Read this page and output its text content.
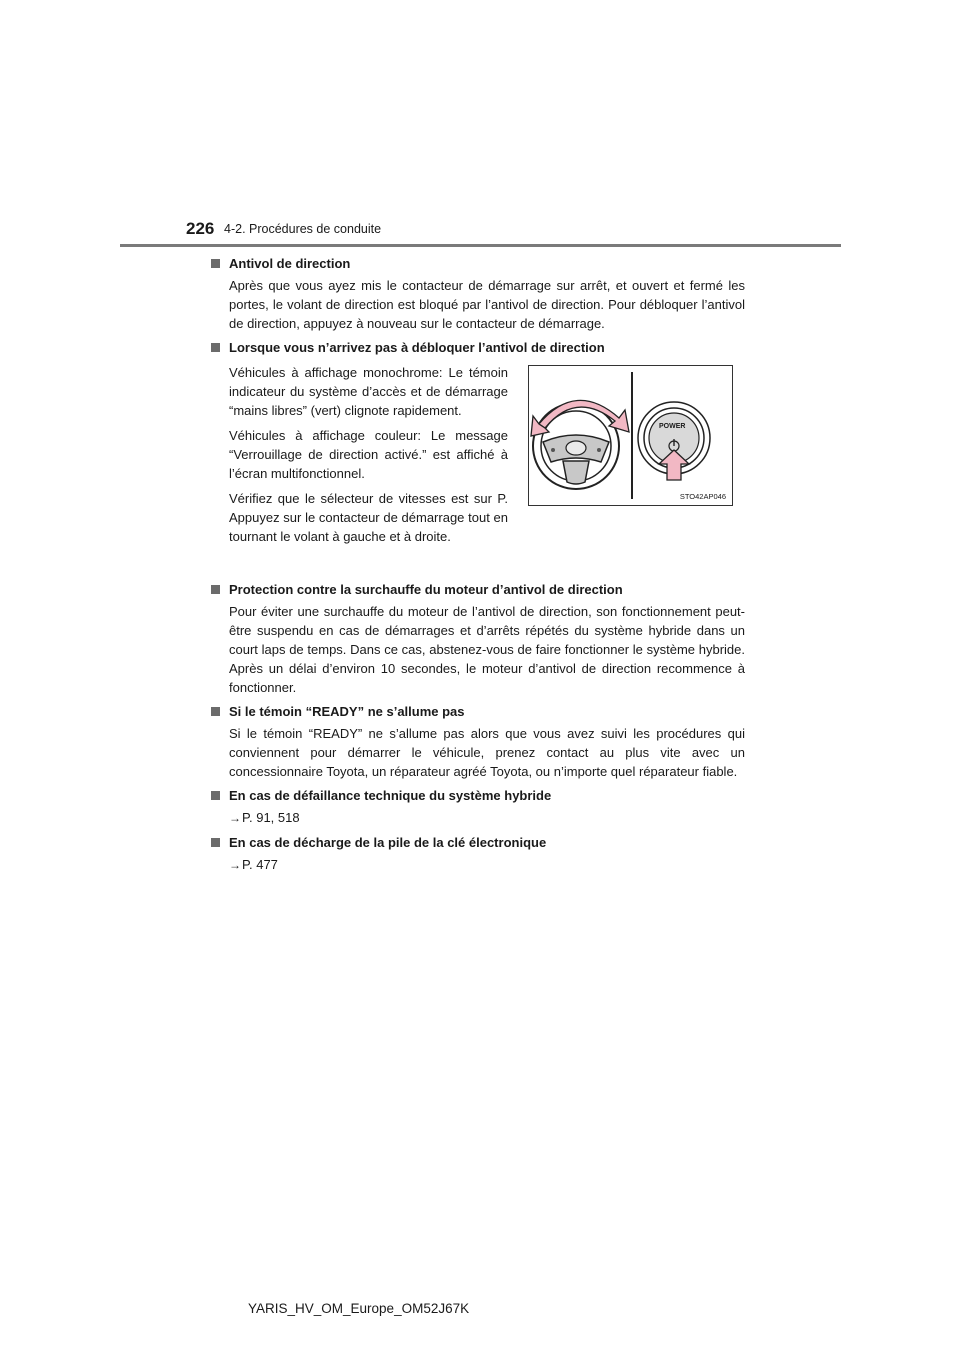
226 4-2. Procédures de conduite
Antivol de direction
Après que vous ayez mis le contacteur de démarrage sur arrêt, et ouvert et fermé les portes, le volant de direction est bloqué par l’antivol de direction. Pour débloquer l’antivol de direction, appuyez à nouveau sur le contacteur de démarrage.
Lorsque vous n’arrivez pas à débloquer l’antivol de direction
Véhicules à affichage monochrome: Le témoin indicateur du système d’accès et de démarrage “mains libres” (vert) clignote rapidement.
Véhicules à affichage couleur: Le message “Verrouillage de direction activé.” est affiché à l’écran multifonctionnel.
Vérifiez que le sélecteur de vitesses est sur P. Appuyez sur le contacteur de démarrage tout en tournant le volant à gauche et à droite.
POWER
STO42AP046
Protection contre la surchauffe du moteur d’antivol de direction
Pour éviter une surchauffe du moteur de l’antivol de direction, son fonctionnement peut-être suspendu en cas de démarrages et d’arrêts répétés du système hybride dans un court laps de temps. Dans ce cas, abstenez-vous de faire fonctionner le système hybride. Après un délai d’environ 10 secondes, le moteur d’antivol de direction recommence à fonctionner.
Si le témoin “READY” ne s’allume pas
Si le témoin “READY” ne s’allume pas alors que vous avez suivi les procédures qui conviennent pour démarrer le véhicule, prenez contact au plus vite avec un concessionnaire Toyota, un réparateur agréé Toyota, ou n’importe quel réparateur fiable.
En cas de défaillance technique du système hybride
→P. 91, 518
En cas de décharge de la pile de la clé électronique
→P. 477
YARIS_HV_OM_Europe_OM52J67K
